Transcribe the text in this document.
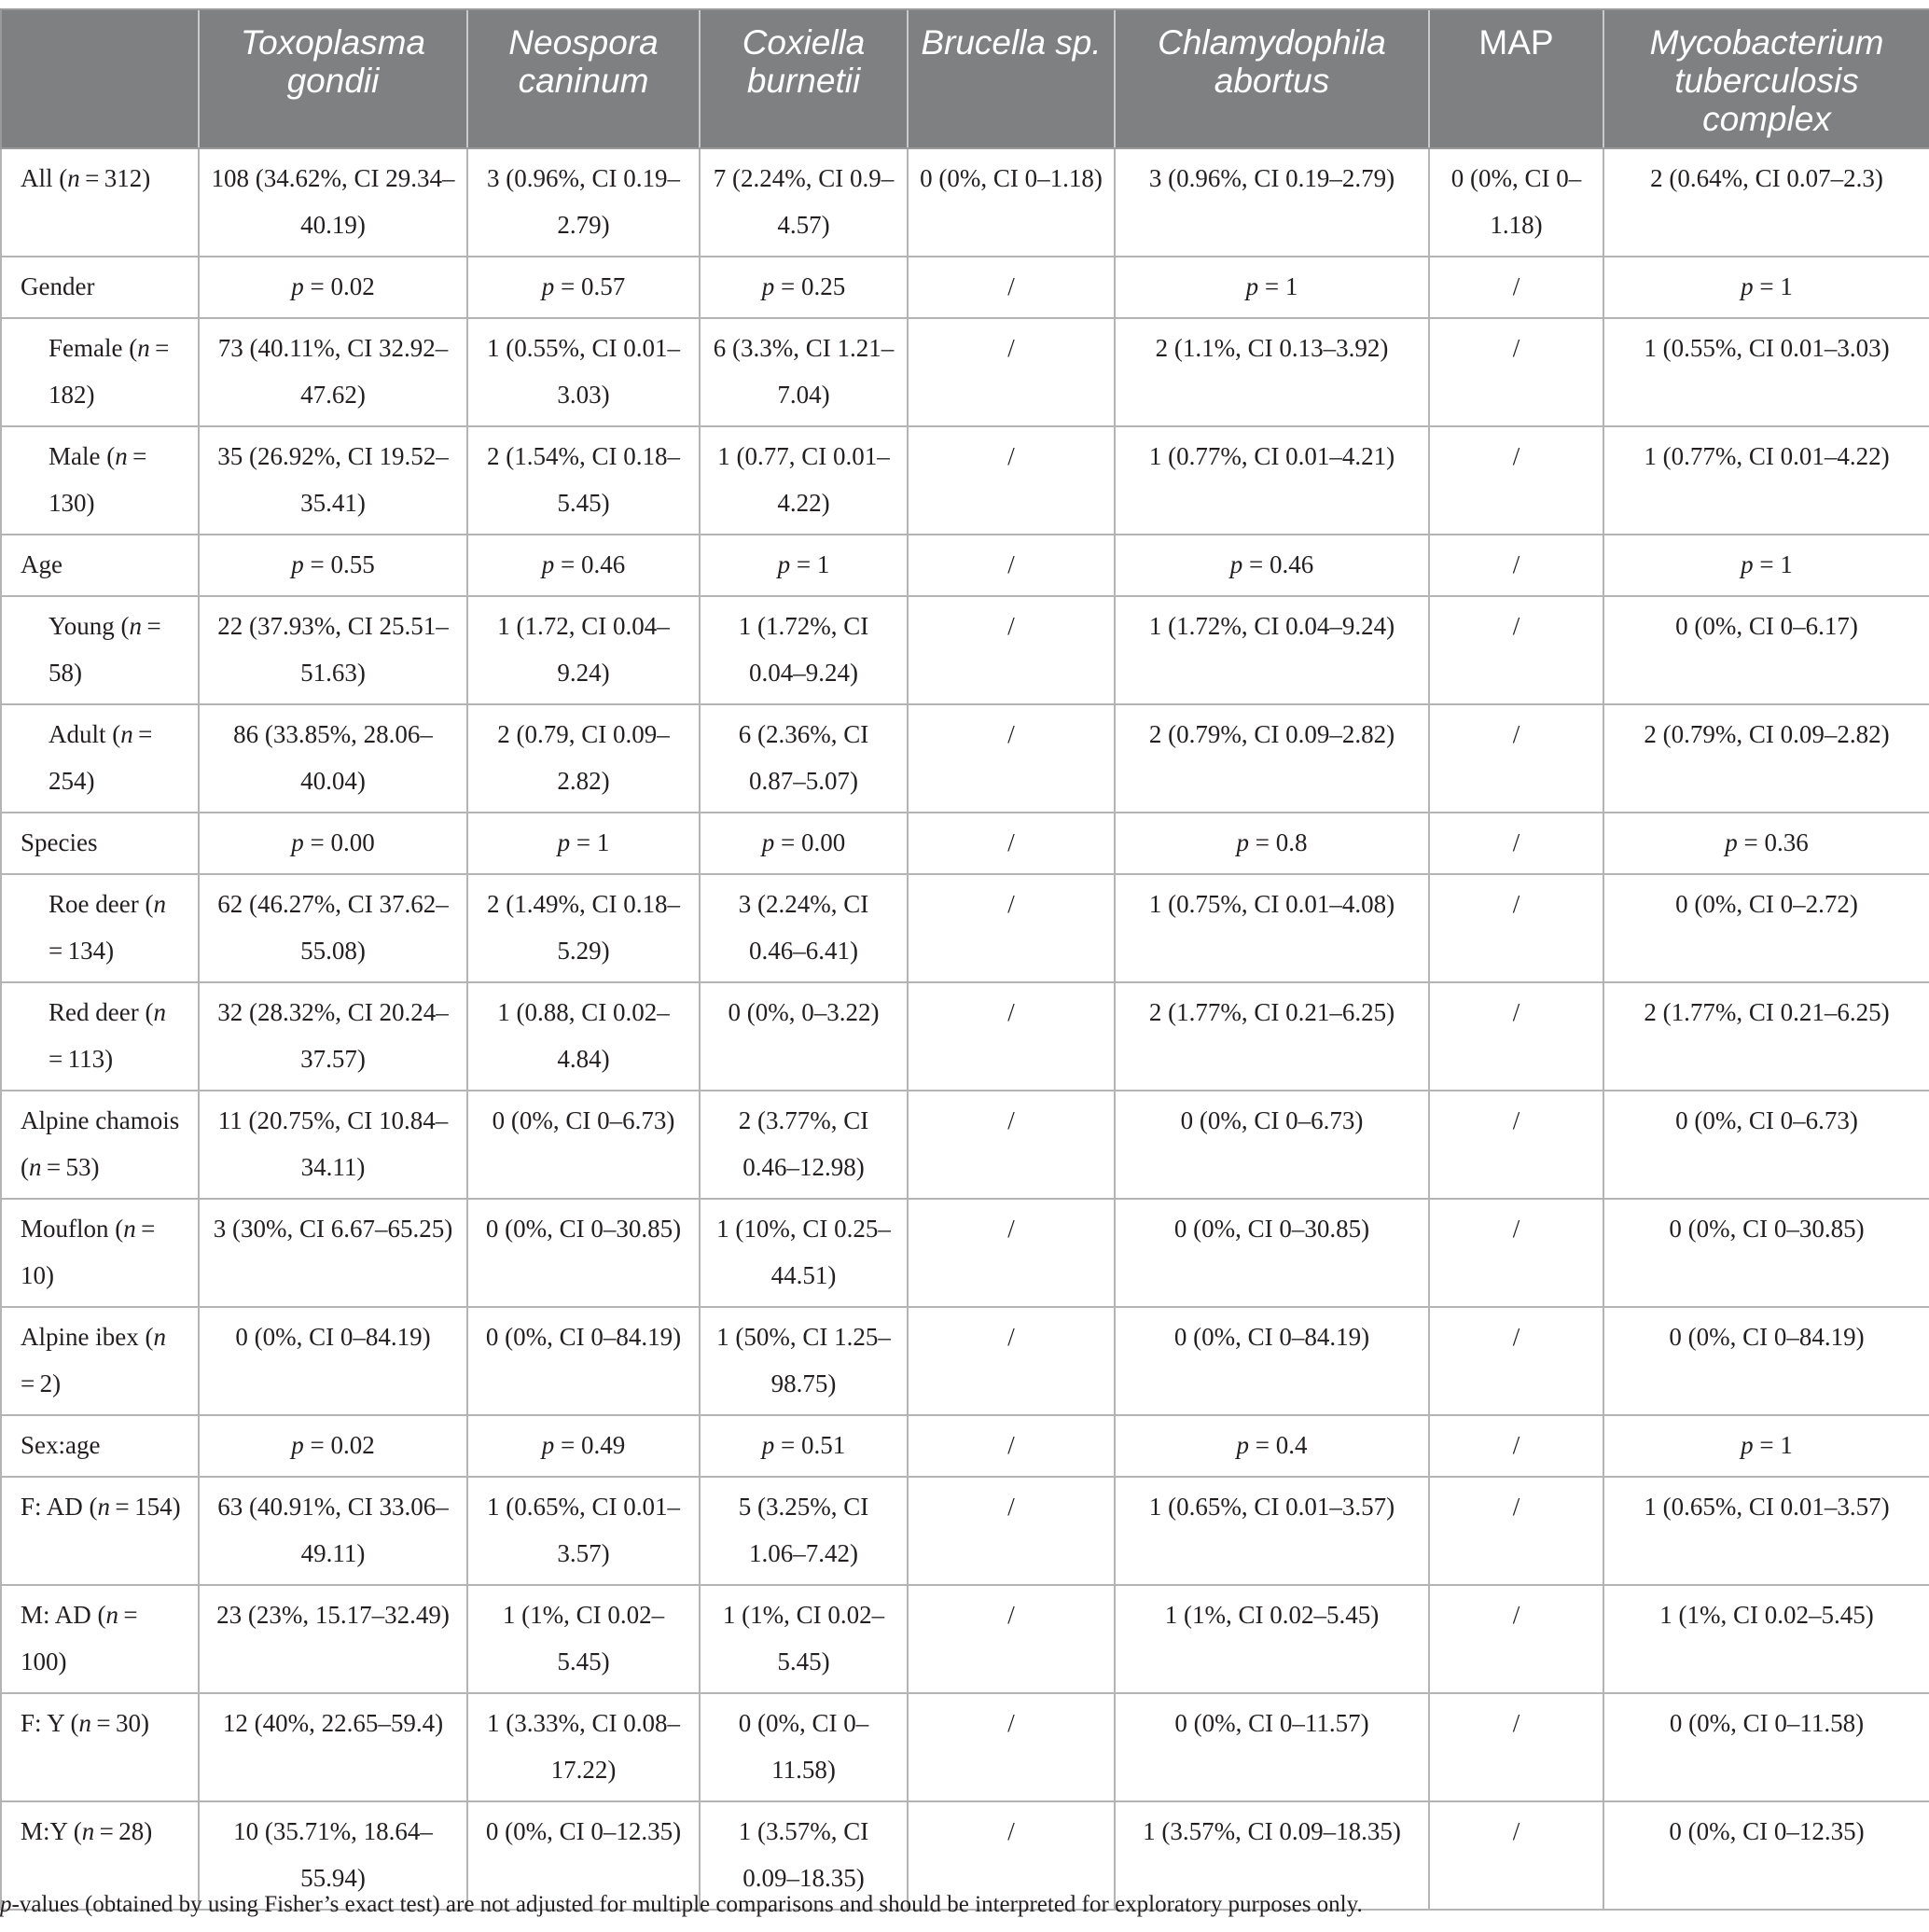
	Toxoplasma gondii	Neospora caninum	Coxiella burnetii	Brucella sp.	Chlamydophila abortus	MAP	Mycobacterium tuberculosis complex
All (n = 312)	108 (34.62%, CI 29.34–40.19)	3 (0.96%, CI 0.19–2.79)	7 (2.24%, CI 0.9–4.57)	0 (0%, CI 0–1.18)	3 (0.96%, CI 0.19–2.79)	0 (0%, CI 0–1.18)	2 (0.64%, CI 0.07–2.3)
Gender	p = 0.02	p = 0.57	p = 0.25	/	p = 1	/	p = 1
Female (n = 182)	73 (40.11%, CI 32.92–47.62)	1 (0.55%, CI 0.01–3.03)	6 (3.3%, CI 1.21–7.04)	/	2 (1.1%, CI 0.13–3.92)	/	1 (0.55%, CI 0.01–3.03)
Male (n = 130)	35 (26.92%, CI 19.52–35.41)	2 (1.54%, CI 0.18–5.45)	1 (0.77, CI 0.01–4.22)	/	1 (0.77%, CI 0.01–4.21)	/	1 (0.77%, CI 0.01–4.22)
Age	p = 0.55	p = 0.46	p = 1	/	p = 0.46	/	p = 1
Young (n = 58)	22 (37.93%, CI 25.51–51.63)	1 (1.72, CI 0.04–9.24)	1 (1.72%, CI 0.04–9.24)	/	1 (1.72%, CI 0.04–9.24)	/	0 (0%, CI 0–6.17)
Adult (n = 254)	86 (33.85%, 28.06–40.04)	2 (0.79, CI 0.09–2.82)	6 (2.36%, CI 0.87–5.07)	/	2 (0.79%, CI 0.09–2.82)	/	2 (0.79%, CI 0.09–2.82)
Species	p = 0.00	p = 1	p = 0.00	/	p = 0.8	/	p = 0.36
Roe deer (n = 134)	62 (46.27%, CI 37.62–55.08)	2 (1.49%, CI 0.18–5.29)	3 (2.24%, CI 0.46–6.41)	/	1 (0.75%, CI 0.01–4.08)	/	0 (0%, CI 0–2.72)
Red deer (n = 113)	32 (28.32%, CI 20.24–37.57)	1 (0.88, CI 0.02–4.84)	0 (0%, 0–3.22)	/	2 (1.77%, CI 0.21–6.25)	/	2 (1.77%, CI 0.21–6.25)
Alpine chamois (n = 53)	11 (20.75%, CI 10.84–34.11)	0 (0%, CI 0–6.73)	2 (3.77%, CI 0.46–12.98)	/	0 (0%, CI 0–6.73)	/	0 (0%, CI 0–6.73)
Mouflon (n = 10)	3 (30%, CI 6.67–65.25)	0 (0%, CI 0–30.85)	1 (10%, CI 0.25–44.51)	/	0 (0%, CI 0–30.85)	/	0 (0%, CI 0–30.85)
Alpine ibex (n = 2)	0 (0%, CI 0–84.19)	0 (0%, CI 0–84.19)	1 (50%, CI 1.25–98.75)	/	0 (0%, CI 0–84.19)	/	0 (0%, CI 0–84.19)
Sex:age	p = 0.02	p = 0.49	p = 0.51	/	p = 0.4	/	p = 1
F: AD (n = 154)	63 (40.91%, CI 33.06–49.11)	1 (0.65%, CI 0.01–3.57)	5 (3.25%, CI 1.06–7.42)	/	1 (0.65%, CI 0.01–3.57)	/	1 (0.65%, CI 0.01–3.57)
M: AD (n = 100)	23 (23%, 15.17–32.49)	1 (1%, CI 0.02–5.45)	1 (1%, CI 0.02–5.45)	/	1 (1%, CI 0.02–5.45)	/	1 (1%, CI 0.02–5.45)
F: Y (n = 30)	12 (40%, 22.65–59.4)	1 (3.33%, CI 0.08–17.22)	0 (0%, CI 0–11.58)	/	0 (0%, CI 0–11.57)	/	0 (0%, CI 0–11.58)
M:Y (n = 28)	10 (35.71%, 18.64–55.94)	0 (0%, CI 0–12.35)	1 (3.57%, CI 0.09–18.35)	/	1 (3.57%, CI 0.09–18.35)	/	0 (0%, CI 0–12.35)
p-values (obtained by using Fisher’s exact test) are not adjusted for multiple comparisons and should be interpreted for exploratory purposes only.
